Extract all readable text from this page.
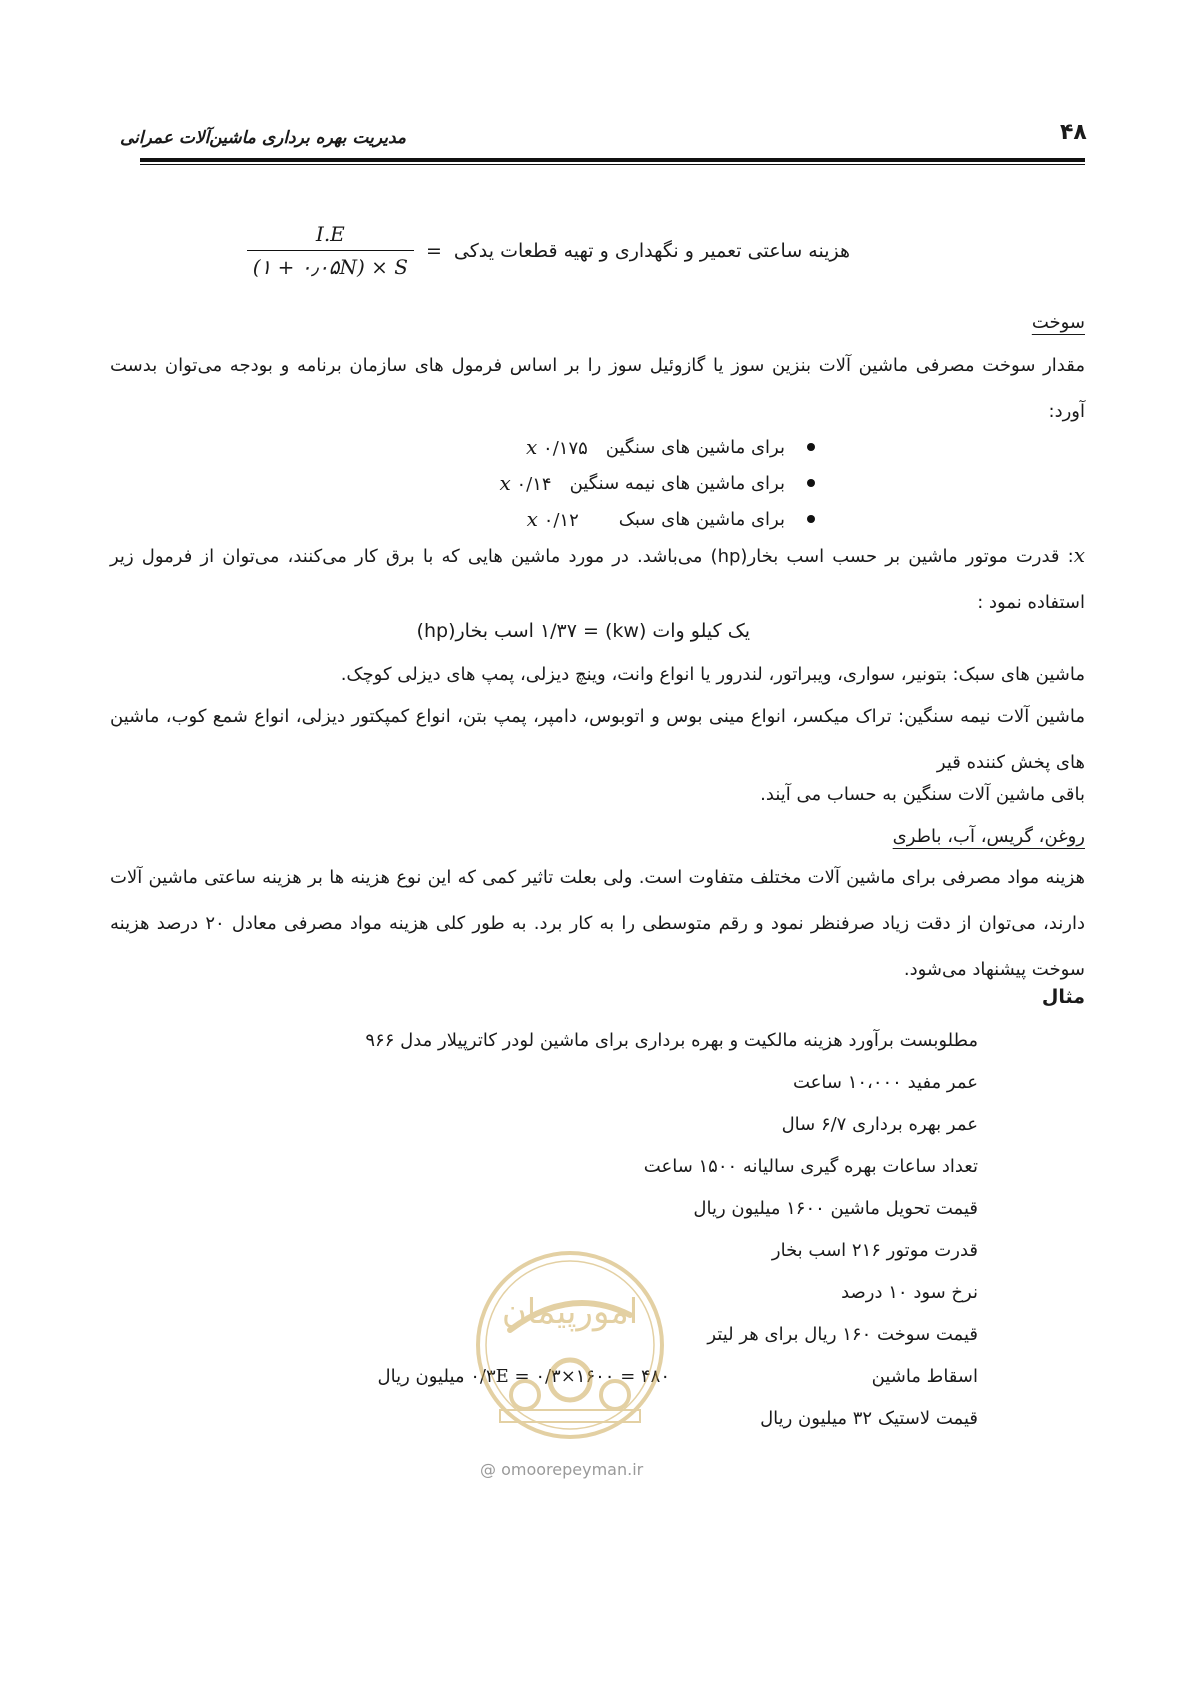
۴۸
مدیریت بهره برداری ماشین‌آلات عمرانی
هزینه ساعتی تعمیر و نگهداری و تهیه قطعات یدکی
=
$\frac{I.E}{(۱ + ۰٫۰۵N) \times S}$
سوخت
مقدار سوخت مصرفی ماشین آلات بنزین سوز یا گازوئیل سوز را بر اساس فرمول های سازمان برنامه و بودجه می‌توان بدست آورد:
برای ماشین های سنگین
x ۰/۱۷۵
برای ماشین های نیمه سنگین
x ۰/۱۴
برای ماشین های سبک
x ۰/۱۲
x: قدرت موتور ماشین بر حسب اسب بخار(hp) می‌باشد. در مورد ماشین هایی که با برق کار می‌کنند، می‌توان از فرمول زیر استفاده نمود :
یک کیلو وات (kw) = ۱/۳۷ اسب بخار(hp)
ماشین های سبک: بتونیر، سواری، ویبراتور، لندرور یا انواع وانت، وینچ دیزلی، پمپ های دیزلی کوچک.
ماشین آلات نیمه سنگین: تراک میکسر، انواع مینی بوس و اتوبوس، دامپر، پمپ بتن، انواع کمپکتور دیزلی، انواع شمع کوب، ماشین های پخش کننده قیر
باقی ماشین آلات سنگین به حساب می آیند.
روغن، گریس، آب، باطری
هزینه مواد مصرفی برای ماشین آلات مختلف متفاوت است. ولی بعلت تاثیر کمی که این نوع هزینه ها بر هزینه ساعتی ماشین آلات دارند، می‌توان از دقت زیاد صرفنظر نمود و رقم متوسطی را به کار برد. به طور کلی هزینه مواد مصرفی معادل ۲۰ درصد هزینه سوخت پیشنهاد می‌شود.
مثال
مطلوبست برآورد هزینه مالکیت و بهره برداری برای ماشین لودر کاترپیلار مدل ۹۶۶
عمر مفید ۱۰،۰۰۰ ساعت
عمر بهره برداری ۶/۷ سال
تعداد ساعات بهره گیری سالیانه ۱۵۰۰ ساعت
قیمت تحویل ماشین ۱۶۰۰ میلیون ریال
قدرت موتور ۲۱۶ اسب بخار
نرخ سود ۱۰ درصد
قیمت سوخت ۱۶۰ ریال برای هر لیتر
اسقاط ماشین
قیمت لاستیک ۳۲ میلیون ریال
۰/۳E = ۰/۳×۱۶۰۰ = ۴۸۰ میلیون ریال
امورپیمان
@ omoorepeyman.ir
